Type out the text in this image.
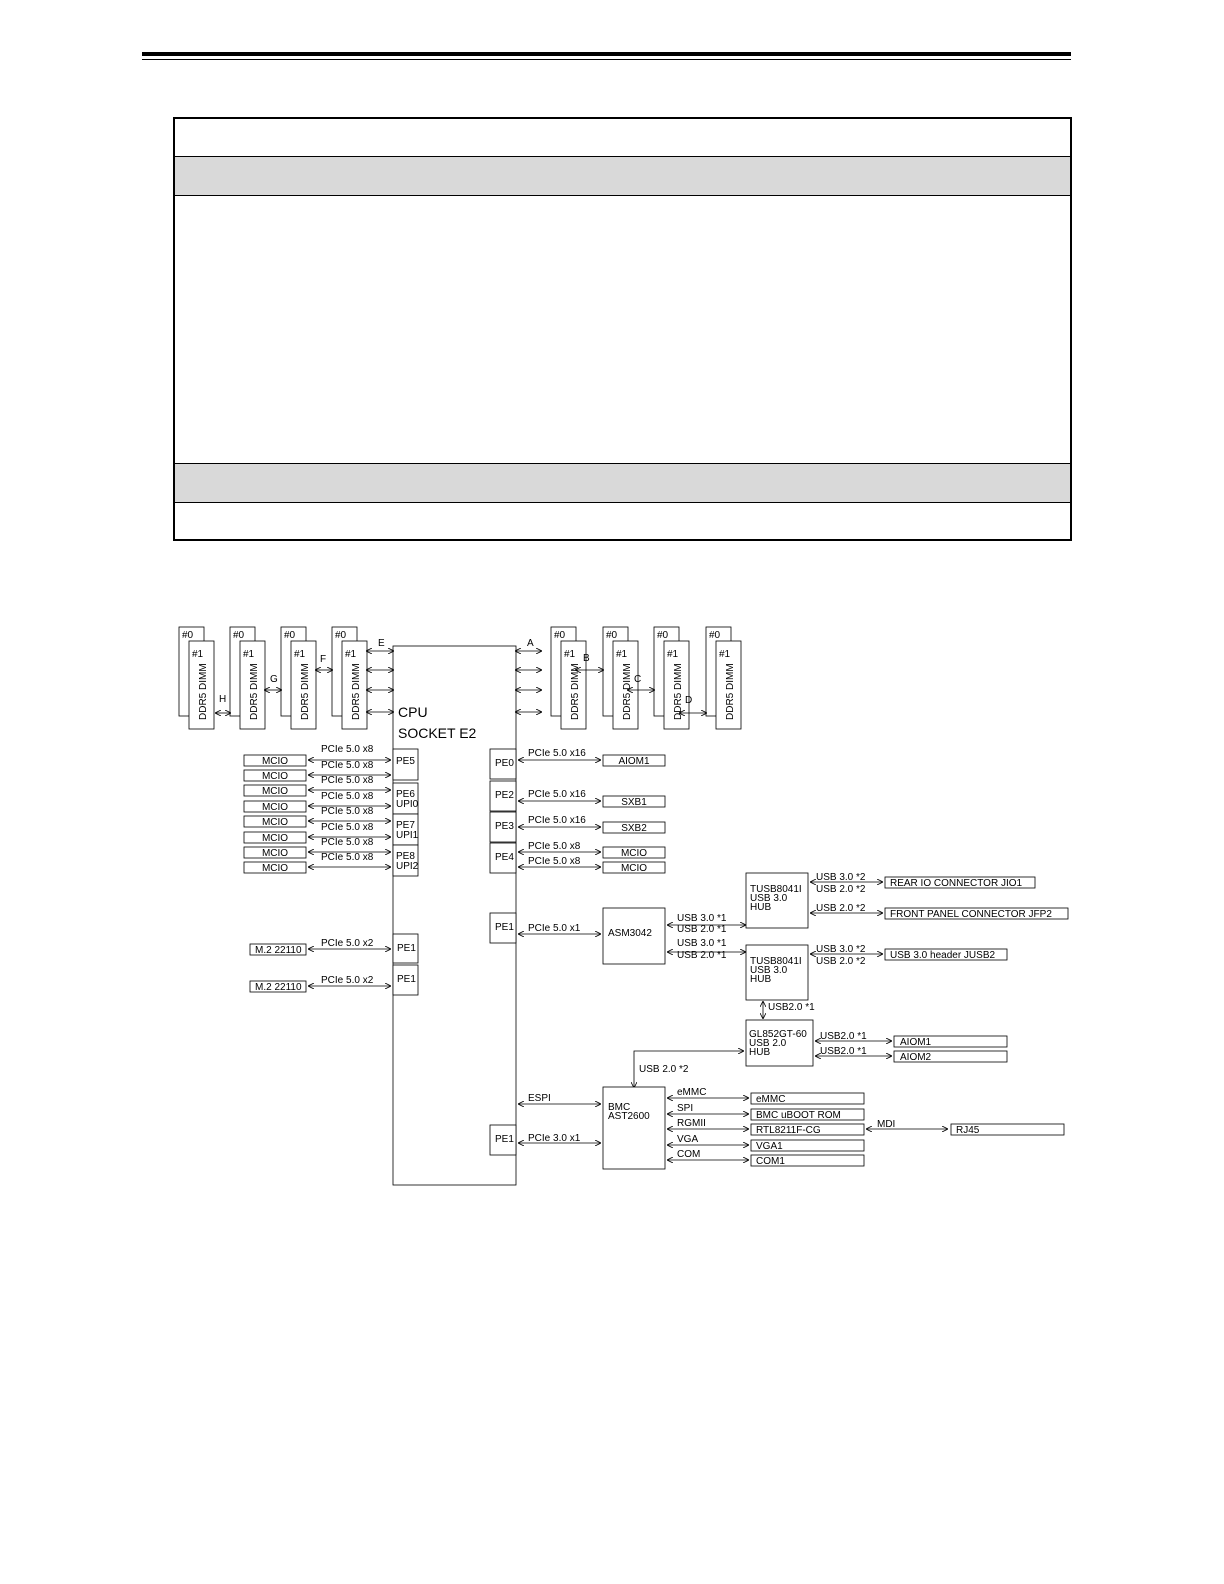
#0
#1
DDR5 DIMM
#0
#1
DDR5 DIMM
#0
#1
DDR5 DIMM
#0
#1
DDR5 DIMM
#0
#1
DDR5 DIMM
#0
#1
DDR5 DIMM
#0
#1
DDR5 DIMM
#0
#1
DDR5 DIMM
CPU
SOCKET E2
E	A
F	B
G	C
H	D
PE5
PE6
UPI0
PE7
UPI1
PE8
UPI2
MCIO
MCIO
MCIO
MCIO
MCIO
MCIO
MCIO
MCIO
PCIe 5.0 x8
PCIe 5.0 x8
PCIe 5.0 x8
PCIe 5.0 x8
PCIe 5.0 x8
PCIe 5.0 x8
PCIe 5.0 x8
PCIe 5.0 x8
PE1
PE1
M.2 22110
M.2 22110
PCIe 5.0 x2
PCIe 5.0 x2
PE0
PE2
PE3
PE4
PE1
PE1
AIOM1
PCIe 5.0 x16
SXB1
PCIe 5.0 x16
SXB2
PCIe 5.0 x16
MCIO
PCIe 5.0 x8
MCIO
PCIe 5.0 x8
ASM3042
PCIe 5.0 x1
USB 3.0 *1
USB 2.0 *1
USB 3.0 *1
USB 2.0 *1
TUSB8041I
USB 3.0
HUB
TUSB8041I
USB 3.0
HUB
REAR IO CONNECTOR JIO1
USB 3.0 *2
USB 2.0 *2
FRONT PANEL CONNECTOR JFP2
USB 2.0 *2
USB 3.0 header JUSB2
USB 3.0 *2
USB 2.0 *2
USB2.0 *1
GL852GT-60
USB 2.0
HUB
AIOM1
USB2.0 *1
AIOM2
USB2.0 *1
USB 2.0 *2
BMC
AST2600
ESPI
PCIe 3.0 x1
eMMC
eMMC
SPI
BMC uBOOT ROM
RGMII
RTL8211F-CG
VGA
VGA1
COM
COM1
MDI
RJ45
